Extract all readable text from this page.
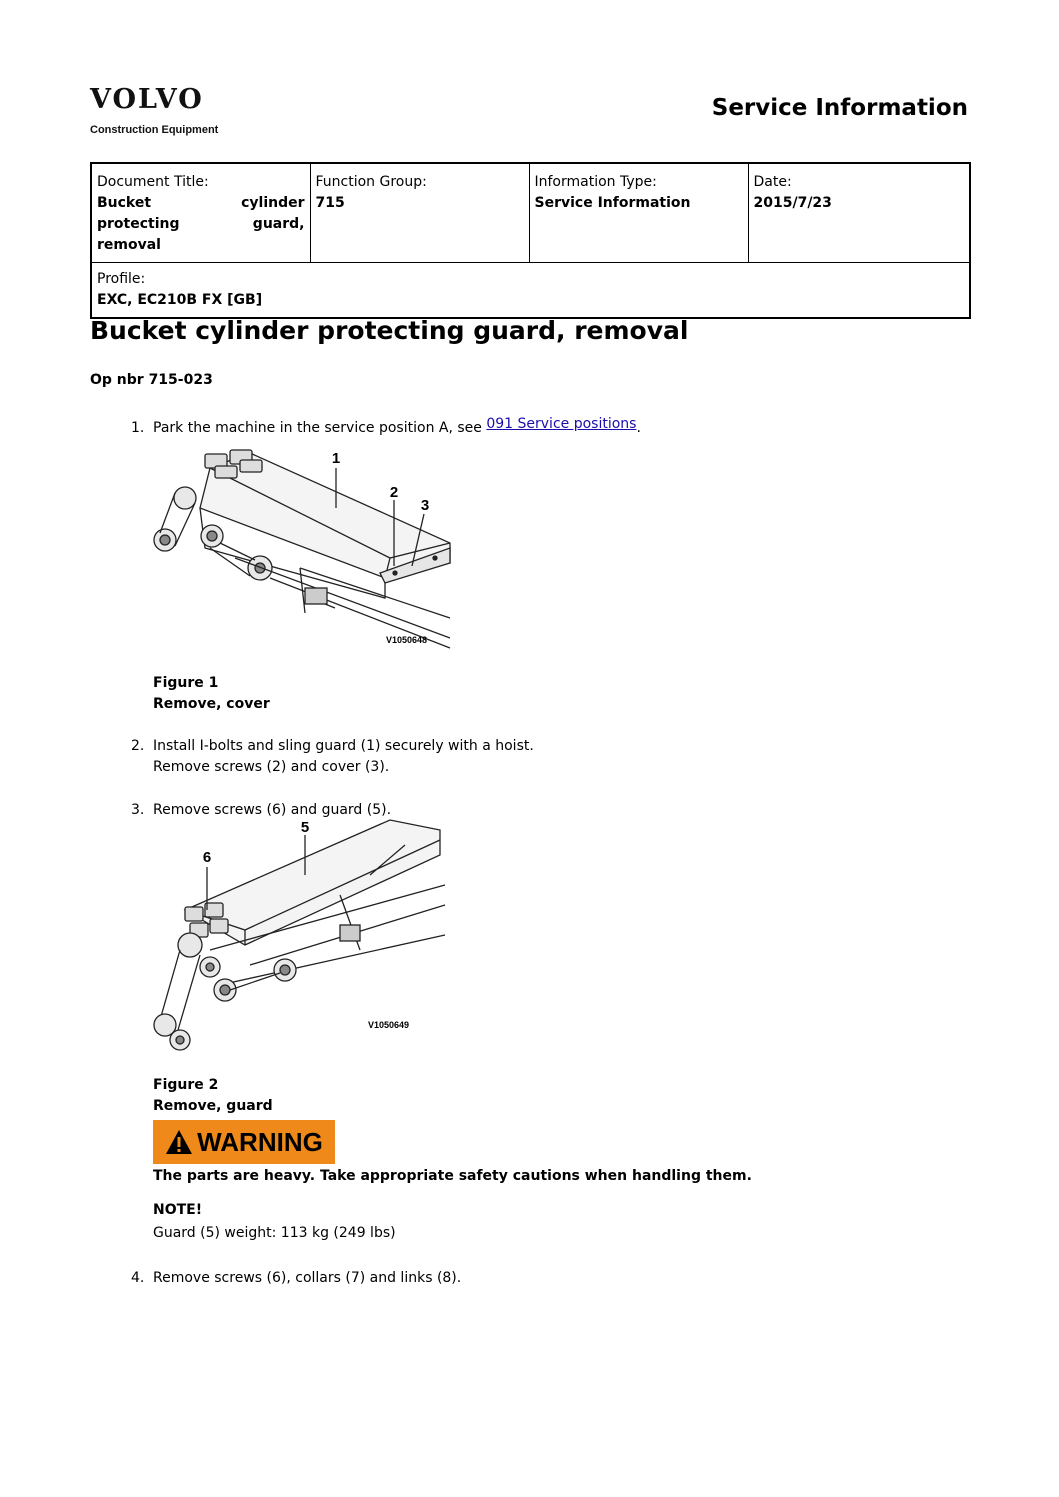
VOLVO
Construction Equipment
Service Information
Document Title:
Bucket cylinder protecting guard, removal

Function Group:
715

Information Type:
Service Information

Date:
2015/7/23

Profile:
EXC, EC210B FX [GB]
Bucket cylinder protecting guard, removal
Op nbr 715-023
1. Park the machine in the service position A, see 091 Service positions.
1
2
3
V1050648
Figure 1
Remove, cover
2. Install I-bolts and sling guard (1) securely with a hoist.
Remove screws (2) and cover (3).
3. Remove screws (6) and guard (5).
5
6
V1050649
Figure 2
Remove, guard
WARNING
The parts are heavy. Take appropriate safety cautions when handling them.
NOTE!
Guard (5) weight: 113 kg (249 lbs)
4. Remove screws (6), collars (7) and links (8).
